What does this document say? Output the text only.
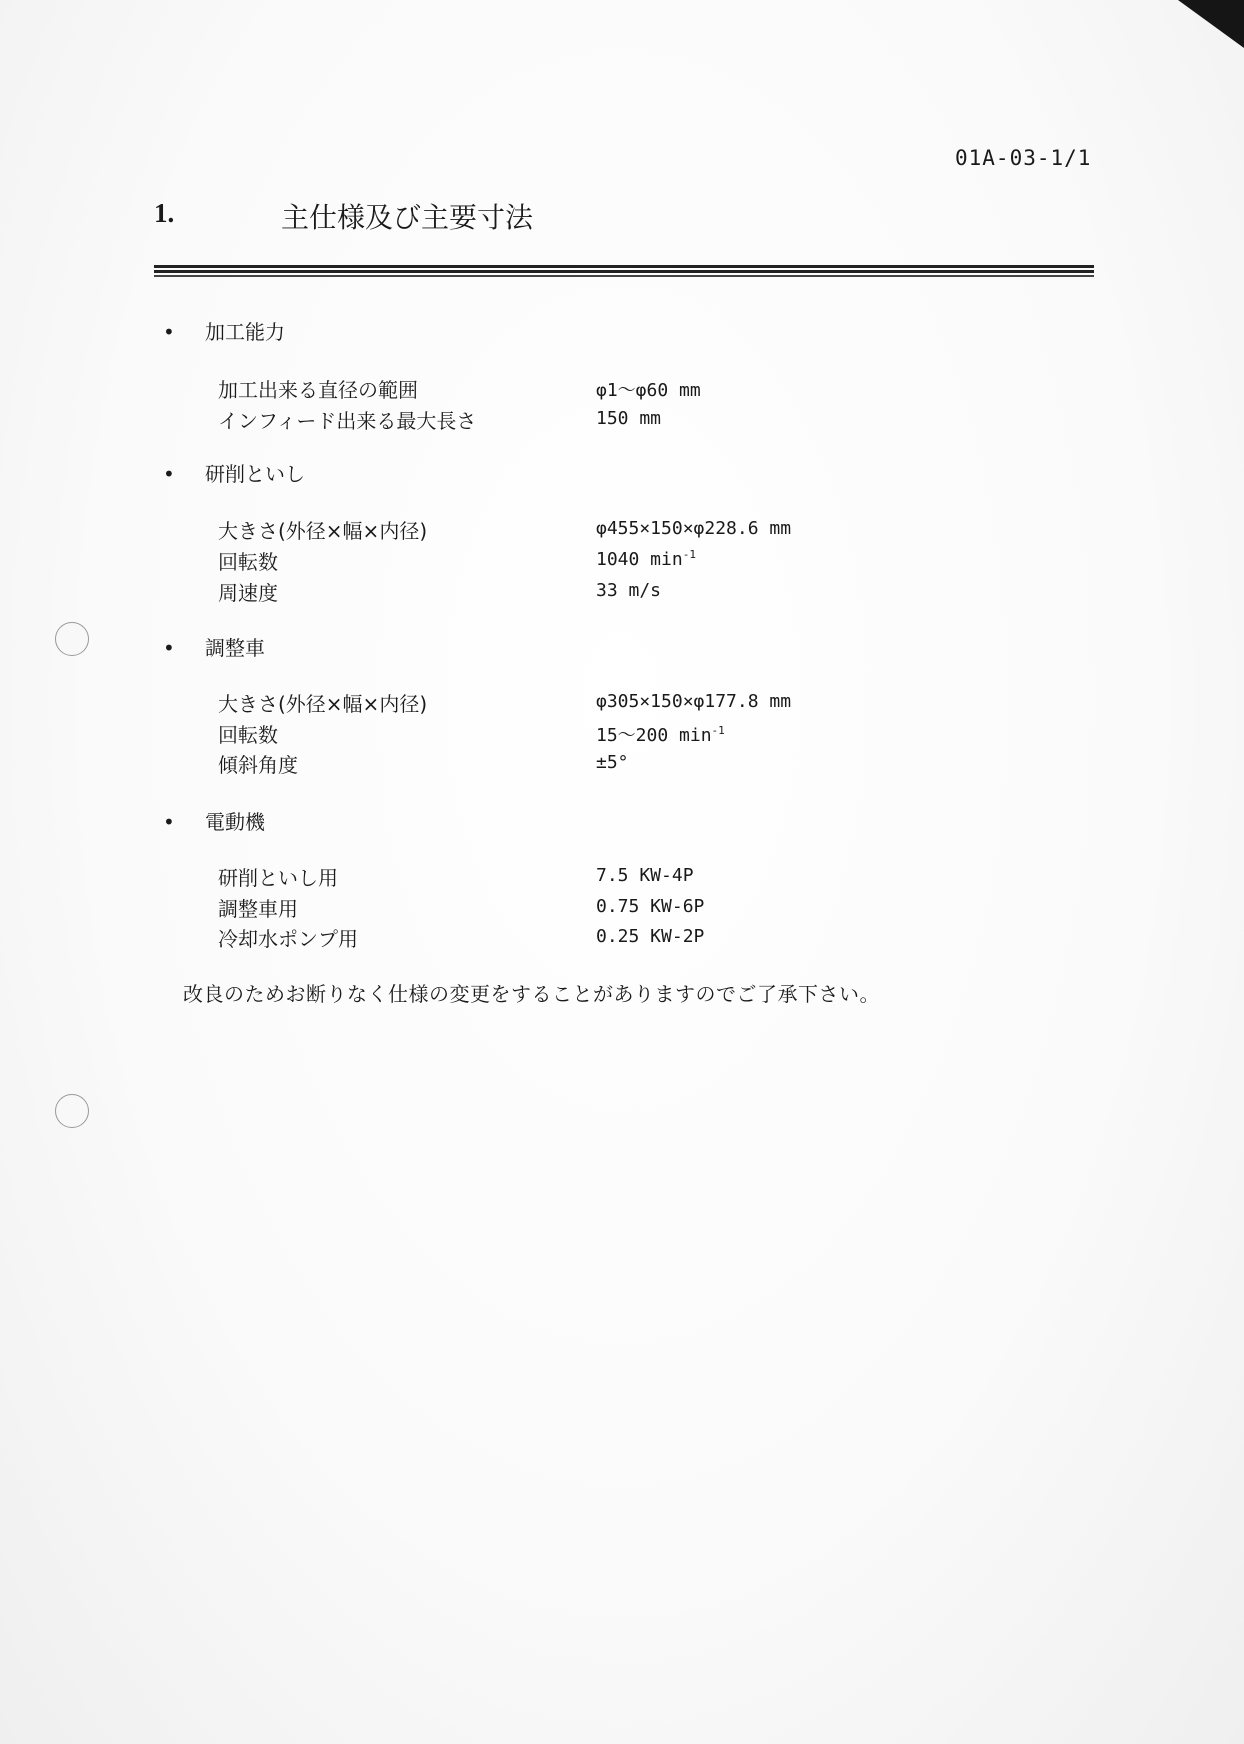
01A-03-1/1
1.	主仕様及び主要寸法
• 加工能力
加工出来る直径の範囲	φ1～φ60 mm
インフィード出来る最大長さ	150 mm
• 研削といし
大きさ(外径×幅×内径)	φ455×150×φ228.6 mm
回転数	1040 $\min^{-1}$
周速度	33 m/s
• 調整車
大きさ(外径×幅×内径)	φ305×150×φ177.8 mm
回転数	15～200 $\min^{-1}$
傾斜角度	±5°
• 電動機
研削といし用	7.5 KW-4P
調整車用	0.75 KW-6P
冷却水ポンプ用	0.25 KW-2P
改良のためお断りなく仕様の変更をすることがありますのでご了承下さい。
